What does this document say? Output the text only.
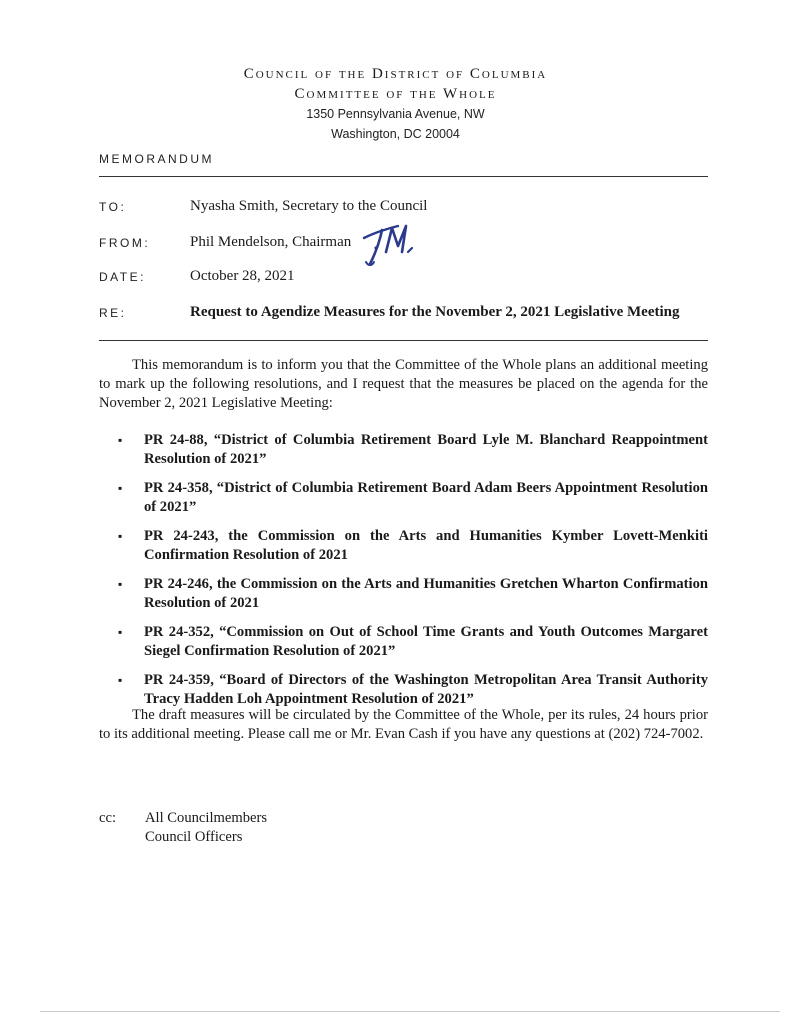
Council of the District of Columbia
Committee of the Whole
1350 Pennsylvania Avenue, NW
Washington, DC 20004
MEMORANDUM
TO:	Nyasha Smith, Secretary to the Council
FROM:	Phil Mendelson, Chairman
DATE:	October 28, 2021
RE:	Request to Agendize Measures for the November 2, 2021 Legislative Meeting

This memorandum is to inform you that the Committee of the Whole plans an additional meeting to mark up the following resolutions, and I request that the measures be placed on the agenda for the November 2, 2021 Legislative Meeting:

▪ PR 24-88, “District of Columbia Retirement Board Lyle M. Blanchard Reappointment Resolution of 2021”
▪ PR 24-358, “District of Columbia Retirement Board Adam Beers Appointment Resolution of 2021”
▪ PR 24-243, the Commission on the Arts and Humanities Kymber Lovett-Menkiti Confirmation Resolution of 2021
▪ PR 24-246, the Commission on the Arts and Humanities Gretchen Wharton Confirmation Resolution of 2021
▪ PR 24-352, “Commission on Out of School Time Grants and Youth Outcomes Margaret Siegel Confirmation Resolution of 2021”
▪ PR 24-359, “Board of Directors of the Washington Metropolitan Area Transit Authority Tracy Hadden Loh Appointment Resolution of 2021”

The draft measures will be circulated by the Committee of the Whole, per its rules, 24 hours prior to its additional meeting. Please call me or Mr. Evan Cash if you have any questions at (202) 724-7002.

cc: All Councilmembers
Council Officers
